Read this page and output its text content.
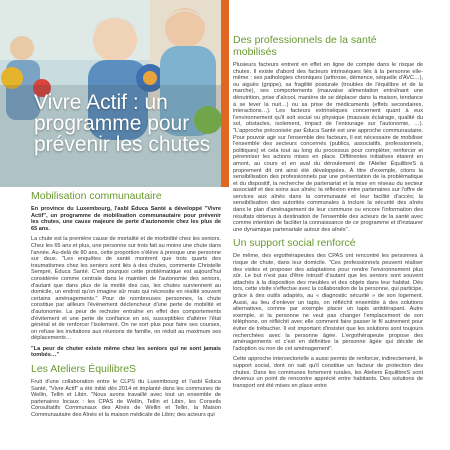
Vivre Actif : un programme pour prévenir les chutes
Mobilisation communautaire

En province du Luxembourg, l'asbl Éduca Santé a développé "Vivre Actif", un programme de mobilisation communautaire pour prévenir les chutes, une cause majeure de perte d'autonomie chez les plus de 65 ans.

La chute est la première cause de mortalité et de morbidité chez les seniors. Chez les 65 ans et plus, une personne sur trois fait au moins une chute dans l'année. Au-delà de 80 ans, cette proportion s'élève à presque une personne sur deux. "Les enquêtes de santé montrent que trois quarts des traumatismes chez les seniors sont liés à des chutes, commente Christelle Sempré, Éduca Santé. C'est pourquoi cette problématique est aujourd'hui considérée comme centrale dans le maintien de l'autonomie des seniors, d'autant que dans plus de la moitié des cas, les chutes surviennent au domicile, un endroit qu'on imagine sûr mais qui nécessite en réalité souvent certains aménagements." Pour de nombreuses personnes, la chute constitue par ailleurs l'événement déclencheur d'une perte de mobilité et d'autonomie. La peur de rechuter entraîne en effet des comportements d'évitement et une perte de confiance en soi, susceptibles d'altérer l'état général et de renforcer l'isolement. On ne sort plus pour faire ses courses, on refuse les invitations aux réunions de famille, on réduit au maximum ses déplacements…

"La peur de chuter existe même chez les seniors qui ne sont jamais tombés…"

Les Ateliers ÉquilibreS

Fruit d'une collaboration entre le CLPS du Luxembourg et l'asbl Éduca Santé, "Vivre Actif" a été initié dès 2014 et implanté dans les communes de Wellin, Tellin et Libin. "Nous avons travaillé avec tout un ensemble de partenaires locaux : les CPAS de Wellin, Tellin et Libin, les Conseils Consultatifs Communaux des Aînés de Wellin et Tellin, la Maison Communautaire des Aînés et la maison médicale de Libin; des acteurs qui

Des professionnels de la santé mobilisés

Plusieurs facteurs entrent en effet en ligne de compte dans le risque de chutes. Il existe d'abord des facteurs intrinsèques liés à la personne elle-même : ses pathologies chroniques (arthrose, démence, séquelle d'AVC…), ou aiguës (grippe), sa fragilité posturale (troubles de l'équilibre et de la marche), ses comportements (mauvaise alimentation entraînant une dénutrition, prise d'alcool, manière de se déplacer dans la maison, tendance à se lever la nuit…) ou sa prise de médicaments (effets secondaires, interactions…). Les facteurs extrinsèques concernent quant à eux l'environnement qu'il soit social ou physique (mauvais éclairage, qualité du sol, obstacles, isolement, impact de l'entourage sur l'autonomie, …). "L'approche préconisée par Éduca Santé est une approche communautaire. Pour pouvoir agir sur l'ensemble des facteurs, il est nécessaire de mobiliser l'ensemble des secteurs concernés (publics, associatifs, professionnels, politiques) et cela tout au long du processus pour compléter, renforcer et pérenniser les actions mises en place. Différentes initiatives étaient en amont, au cours et en aval du déroulement de l'Atelier ÉquilibreS à proprement dit ont ainsi été développées. À titre d'exemple, citons la sensibilisation des professionnels par une présentation de la problématique et du dispositif, la recherche de partenariat et la mise en réseau du secteur associatif et des soins aux aînés; la réflexion entre partenaires sur l'offre de services aux aînés dans la communauté et leur facilité d'accès; la sensibilisation des autorités communales à inclure la sécurité des aînés dans le plan d'aménagement de leur commune ou encore l'information des résultats obtenus à destination de l'ensemble des acteurs de la santé avec comme intention de faciliter la connaissance de ce programme et d'instaurer une dynamique partenariale autour des aînés".

Un support social renforcé

De même, des ergothérapeutes des CPAS ont rencontré les personnes à risque de chute, dans leur domicile. "Ces professionnels peuvent réaliser des visites et proposer des adaptations pour rendre l'environnement plus sûr. Le but n'est pas d'être intrusif d'autant que les seniors sont souvent attachés à la disposition des meubles et des objets dans leur habitat. Dès lors, cette visite s'effectue avec la collaboration de la personne, qui participe, grâce à des outils adaptés, au « diagnostic sécurité » de son logement. Aussi, au lieu d'enlever un tapis, on réfléchit ensemble à des solutions alternatives, comme par exemple placer un tapis antidérapant. Autre exemple, si la personne ne veut pas changer l'emplacement de son téléphone, on réfléchit avec elle comment faire passer le fil autrement pour éviter de trébucher. Il est important d'insister que les solutions sont toujours recherchées avec la personne âgée. L'ergothérapeute propose des aménagements et c'est en définitive la personne âgée qui décide de l'adoption ou non de cet aménagement".

Cette approche intersectorielle a aussi permis de renforcer, indirectement, le support social, dont on sait qu'il constitue un facteur de protection des chutes. Dans les communes fortement rurales, les Ateliers ÉquilibreS sont devenus un point de rencontre apprécié entre habitants. Des solutions de transport ont été mises en place entre
